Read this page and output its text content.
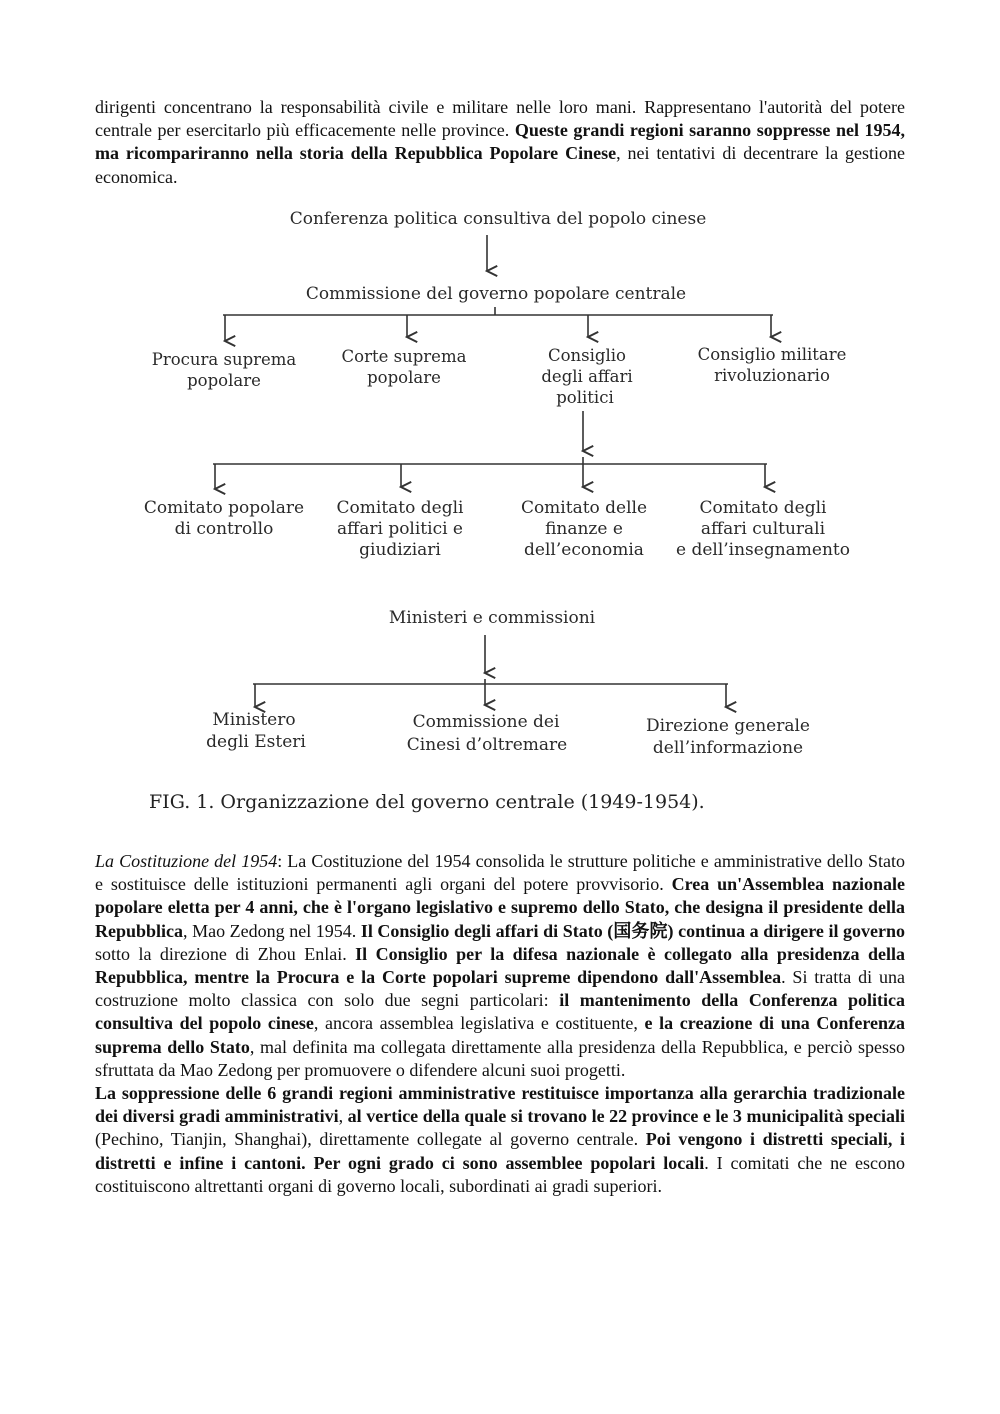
dirigenti concentrano la responsabilità civile e militare nelle loro mani. Rappresentano l'autorità del potere centrale per esercitarlo più efficacemente nelle province. Queste grandi regioni saranno soppresse nel 1954, ma ricompariranno nella storia della Repubblica Popolare Cinese, nei tentativi di decentrare la gestione economica.

Conferenza politica consultiva del popolo cinese
Commissione del governo popolare centrale
Procura suprema
popolare
Corte suprema
popolare
Consiglio
degli affari
politici
Consiglio militare
rivoluzionario
Comitato popolare
di controllo
Comitato degli
affari politici e
giudiziari
Comitato delle
finanze e
dell’economia
Comitato degli
affari culturali
e dell’insegnamento
Ministeri e commissioni
Ministero
degli Esteri
Commissione dei
Cinesi d’oltremare
Direzione generale
dell’informazione
FIG. 1. Organizzazione del governo centrale (1949-1954).

La Costituzione del 1954: La Costituzione del 1954 consolida le strutture politiche e amministrative dello Stato e sostituisce delle istituzioni permanenti agli organi del potere provvisorio. Crea un'Assemblea nazionale popolare eletta per 4 anni, che è l'organo legislativo e supremo dello Stato, che designa il presidente della Repubblica, Mao Zedong nel 1954. Il Consiglio degli affari di Stato (国务院) continua a dirigere il governo sotto la direzione di Zhou Enlai. Il Consiglio per la difesa nazionale è collegato alla presidenza della Repubblica, mentre la Procura e la Corte popolari supreme dipendono dall'Assemblea. Si tratta di una costruzione molto classica con solo due segni particolari: il mantenimento della Conferenza politica consultiva del popolo cinese, ancora assemblea legislativa e costituente, e la creazione di una Conferenza suprema dello Stato, mal definita ma collegata direttamente alla presidenza della Repubblica, e perciò spesso sfruttata da Mao Zedong per promuovere o difendere alcuni suoi progetti.
La soppressione delle 6 grandi regioni amministrative restituisce importanza alla gerarchia tradizionale dei diversi gradi amministrativi, al vertice della quale si trovano le 22 province e le 3 municipalità speciali (Pechino, Tianjin, Shanghai), direttamente collegate al governo centrale. Poi vengono i distretti speciali, i distretti e infine i cantoni. Per ogni grado ci sono assemblee popolari locali. I comitati che ne escono costituiscono altrettanti organi di governo locali, subordinati ai gradi superiori.
